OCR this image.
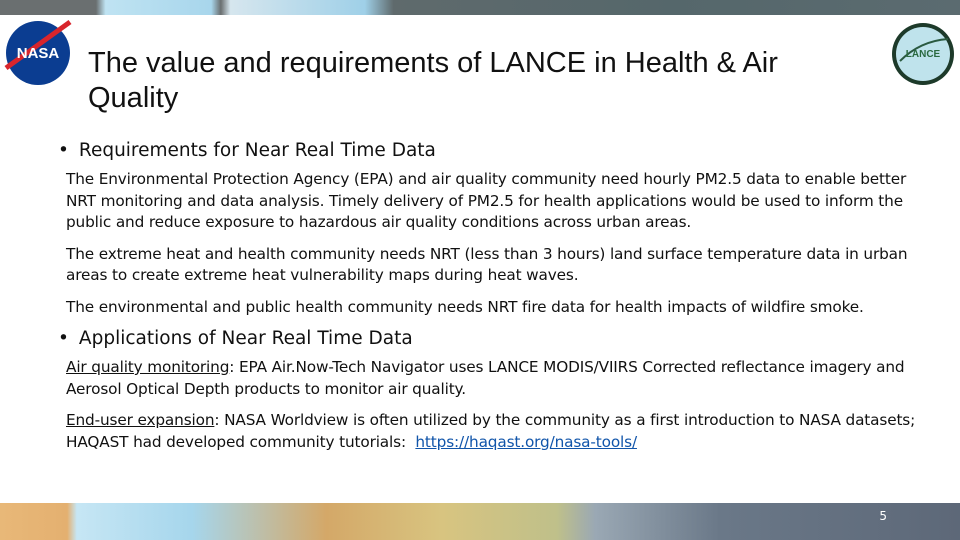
NASA	LANCE
The value and requirements of LANCE in Health & Air Quality
• Requirements for Near Real Time Data

The Environmental Protection Agency (EPA) and air quality community need hourly PM2.5 data to enable better NRT monitoring and data analysis. Timely delivery of PM2.5 for health applications would be used to inform the public and reduce exposure to hazardous air quality conditions across urban areas.

The extreme heat and health community needs NRT (less than 3 hours) land surface temperature data in urban areas to create extreme heat vulnerability maps during heat waves.

The environmental and public health community needs NRT fire data for health impacts of wildfire smoke.

• Applications of Near Real Time Data

Air quality monitoring: EPA Air.Now-Tech Navigator uses LANCE MODIS/VIIRS Corrected reflectance imagery and Aerosol Optical Depth products to monitor air quality.

End-user expansion: NASA Worldview is often utilized by the community as a first introduction to NASA datasets; HAQAST had developed community tutorials:  https://haqast.org/nasa-tools/

5
